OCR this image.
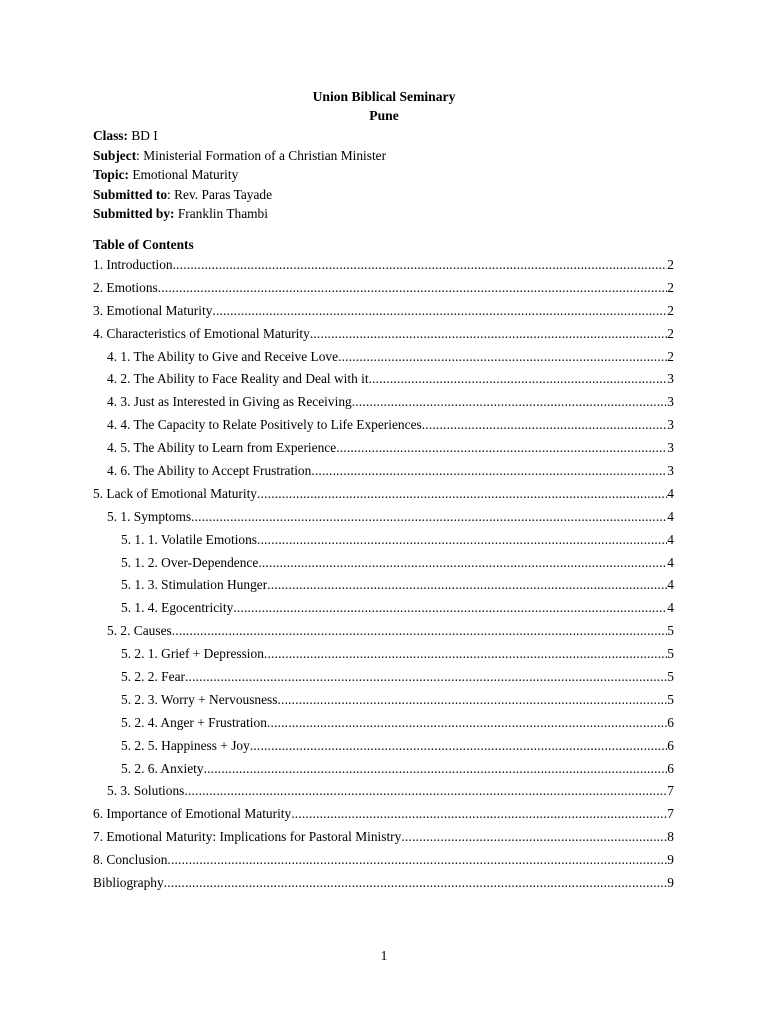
Union Biblical Seminary
Pune
Class: BD I
Subject: Ministerial Formation of a Christian Minister
Topic: Emotional Maturity
Submitted to: Rev. Paras Tayade
Submitted by: Franklin Thambi
Table of Contents
1. Introduction .....	2
2. Emotions .....	2
3. Emotional Maturity .....	2
4. Characteristics of Emotional Maturity .....	2
4. 1. The Ability to Give and Receive Love .....	2
4. 2. The Ability to Face Reality and Deal with it .....	3
4. 3. Just as Interested in Giving as Receiving .....	3
4. 4. The Capacity to Relate Positively to Life Experiences .....	3
4. 5. The Ability to Learn from Experience .....	3
4. 6. The Ability to Accept Frustration .....	3
5. Lack of Emotional Maturity .....	4
5. 1. Symptoms .....	4
5. 1. 1. Volatile Emotions .....	4
5. 1. 2. Over-Dependence .....	4
5. 1. 3. Stimulation Hunger .....	4
5. 1. 4. Egocentricity .....	4
5. 2. Causes .....	5
5. 2. 1. Grief + Depression .....	5
5. 2. 2. Fear .....	5
5. 2. 3. Worry + Nervousness .....	5
5. 2. 4. Anger + Frustration .....	6
5. 2. 5. Happiness + Joy .....	6
5. 2. 6. Anxiety .....	6
5. 3. Solutions .....	7
6. Importance of Emotional Maturity .....	7
7. Emotional Maturity: Implications for Pastoral Ministry .....	8
8. Conclusion .....	9
Bibliography .....	9
1
